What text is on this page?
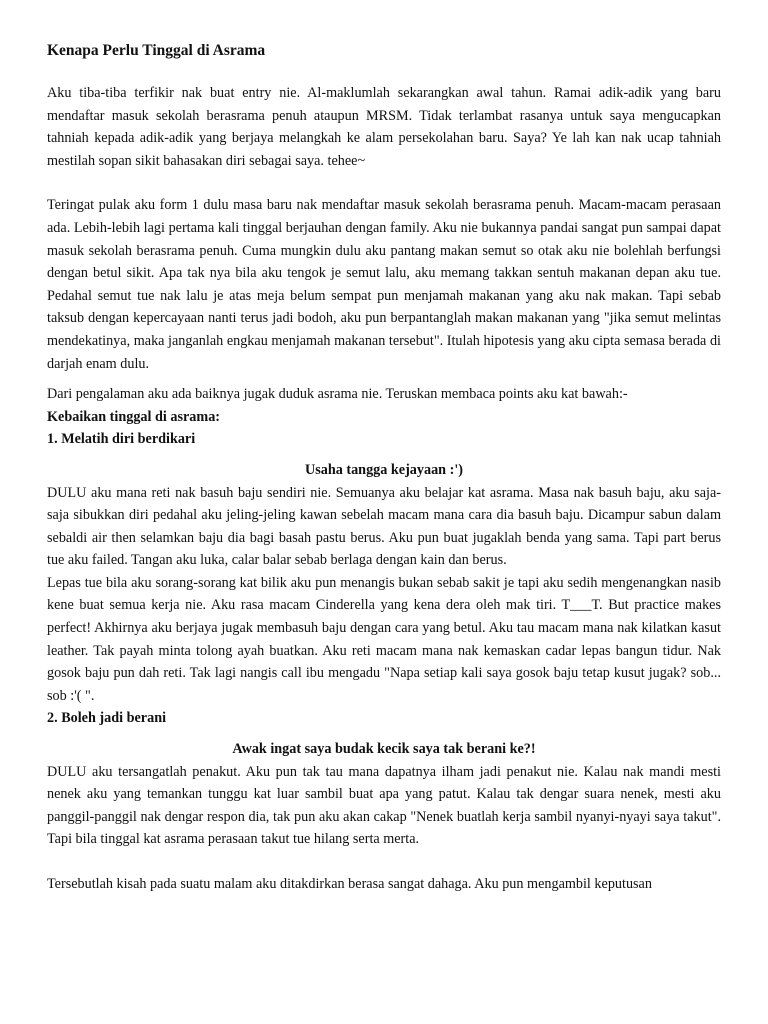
Kenapa Perlu Tinggal di Asrama

Aku tiba-tiba terfikir nak buat entry nie. Al-maklumlah sekarangkan awal tahun. Ramai adik-adik yang baru mendaftar masuk sekolah berasrama penuh ataupun MRSM. Tidak terlambat rasanya untuk saya mengucapkan tahniah kepada adik-adik yang berjaya melangkah ke alam persekolahan baru. Saya? Ye lah kan nak ucap tahniah mestilah sopan sikit bahasakan diri sebagai saya. tehee~

Teringat pulak aku form 1 dulu masa baru nak mendaftar masuk sekolah berasrama penuh. Macam-macam perasaan ada. Lebih-lebih lagi pertama kali tinggal berjauhan dengan family. Aku nie bukannya pandai sangat pun sampai dapat masuk sekolah berasrama penuh. Cuma mungkin dulu aku pantang makan semut so otak aku nie bolehlah berfungsi dengan betul sikit. Apa tak nya bila aku tengok je semut lalu, aku memang takkan sentuh makanan depan aku tue. Pedahal semut tue nak lalu je atas meja belum sempat pun menjamah makanan yang aku nak makan. Tapi sebab taksub dengan kepercayaan nanti terus jadi bodoh, aku pun berpantanglah makan makanan yang "jika semut melintas mendekatinya, maka janganlah engkau menjamah makanan tersebut". Itulah hipotesis yang aku cipta semasa berada di darjah enam dulu.

Dari pengalaman aku ada baiknya jugak duduk asrama nie. Teruskan membaca points aku kat bawah:-

Kebaikan tinggal di asrama:

1. Melatih diri berdikari

Usaha tangga kejayaan :')

DULU aku mana reti nak basuh baju sendiri nie. Semuanya aku belajar kat asrama. Masa nak basuh baju, aku saja-saja sibukkan diri pedahal aku jeling-jeling kawan sebelah macam mana cara dia basuh baju. Dicampur sabun dalam sebaldi air then selamkan baju dia bagi basah pastu berus. Aku pun buat jugaklah benda yang sama. Tapi part berus tue aku failed. Tangan aku luka, calar balar sebab berlaga dengan kain dan berus.

Lepas tue bila aku sorang-sorang kat bilik aku pun menangis bukan sebab sakit je tapi aku sedih mengenangkan nasib kene buat semua kerja nie. Aku rasa macam Cinderella yang kena dera oleh mak tiri. T___T. But practice makes perfect! Akhirnya aku berjaya jugak membasuh baju dengan cara yang betul. Aku tau macam mana nak kilatkan kasut leather. Tak payah minta tolong ayah buatkan. Aku reti macam mana nak kemaskan cadar lepas bangun tidur. Nak gosok baju pun dah reti. Tak lagi nangis call ibu mengadu "Napa setiap kali saya gosok baju tetap kusut jugak? sob... sob :'( ".

2. Boleh jadi berani

Awak ingat saya budak kecik saya tak berani ke?!

DULU aku tersangatlah penakut. Aku pun tak tau mana dapatnya ilham jadi penakut nie. Kalau nak mandi mesti nenek aku yang temankan tunggu kat luar sambil buat apa yang patut. Kalau tak dengar suara nenek, mesti aku panggil-panggil nak dengar respon dia, tak pun aku akan cakap "Nenek buatlah kerja sambil nyanyi-nyayi saya takut". Tapi bila tinggal kat asrama perasaan takut tue hilang serta merta.

Tersebutlah kisah pada suatu malam aku ditakdirkan berasa sangat dahaga. Aku pun mengambil keputusan
